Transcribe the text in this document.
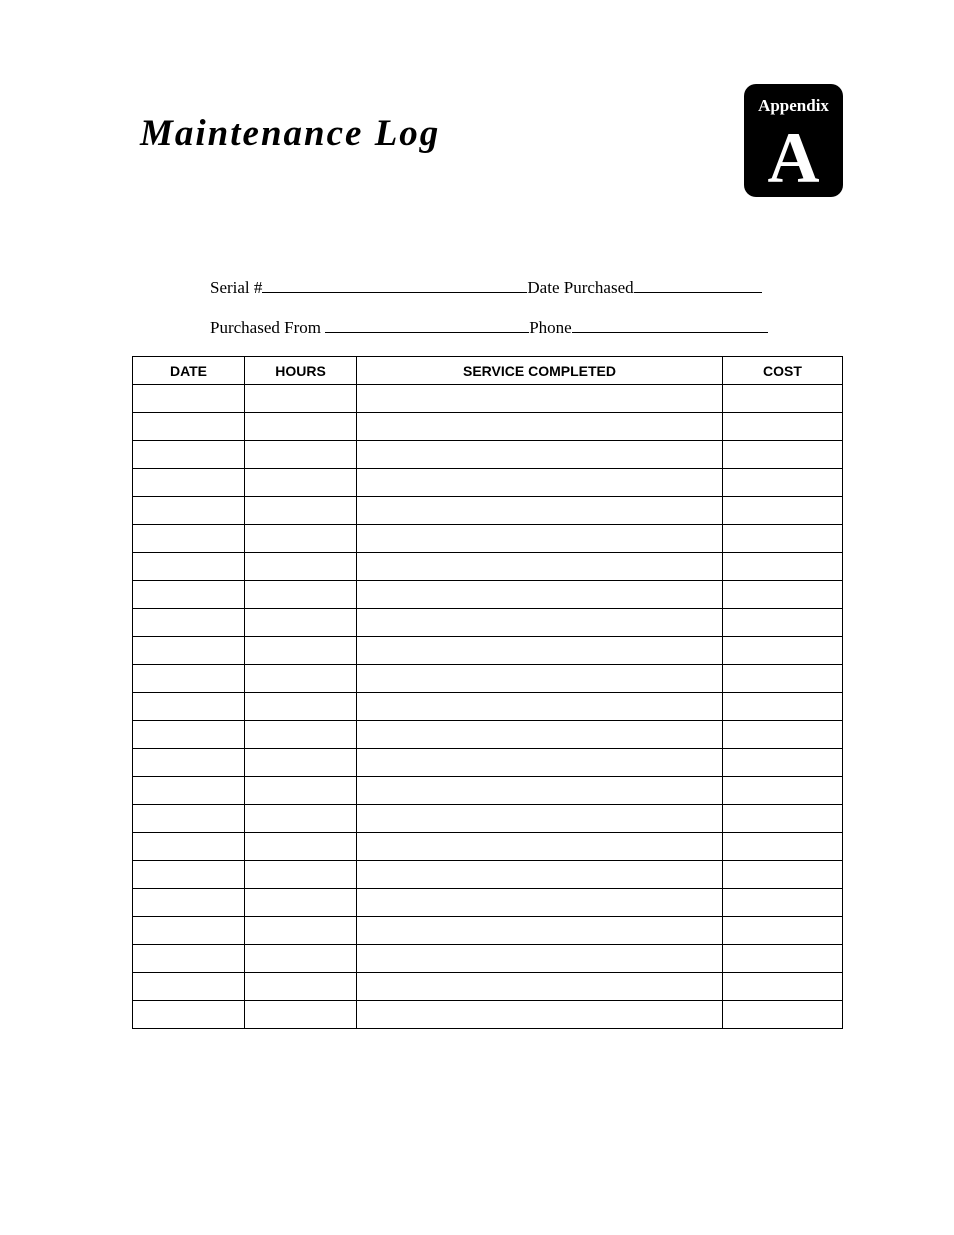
Maintenance Log
Appendix
A
Serial #	Date Purchased
Purchased From	Phone
DATE	HOURS	SERVICE COMPLETED	COST
